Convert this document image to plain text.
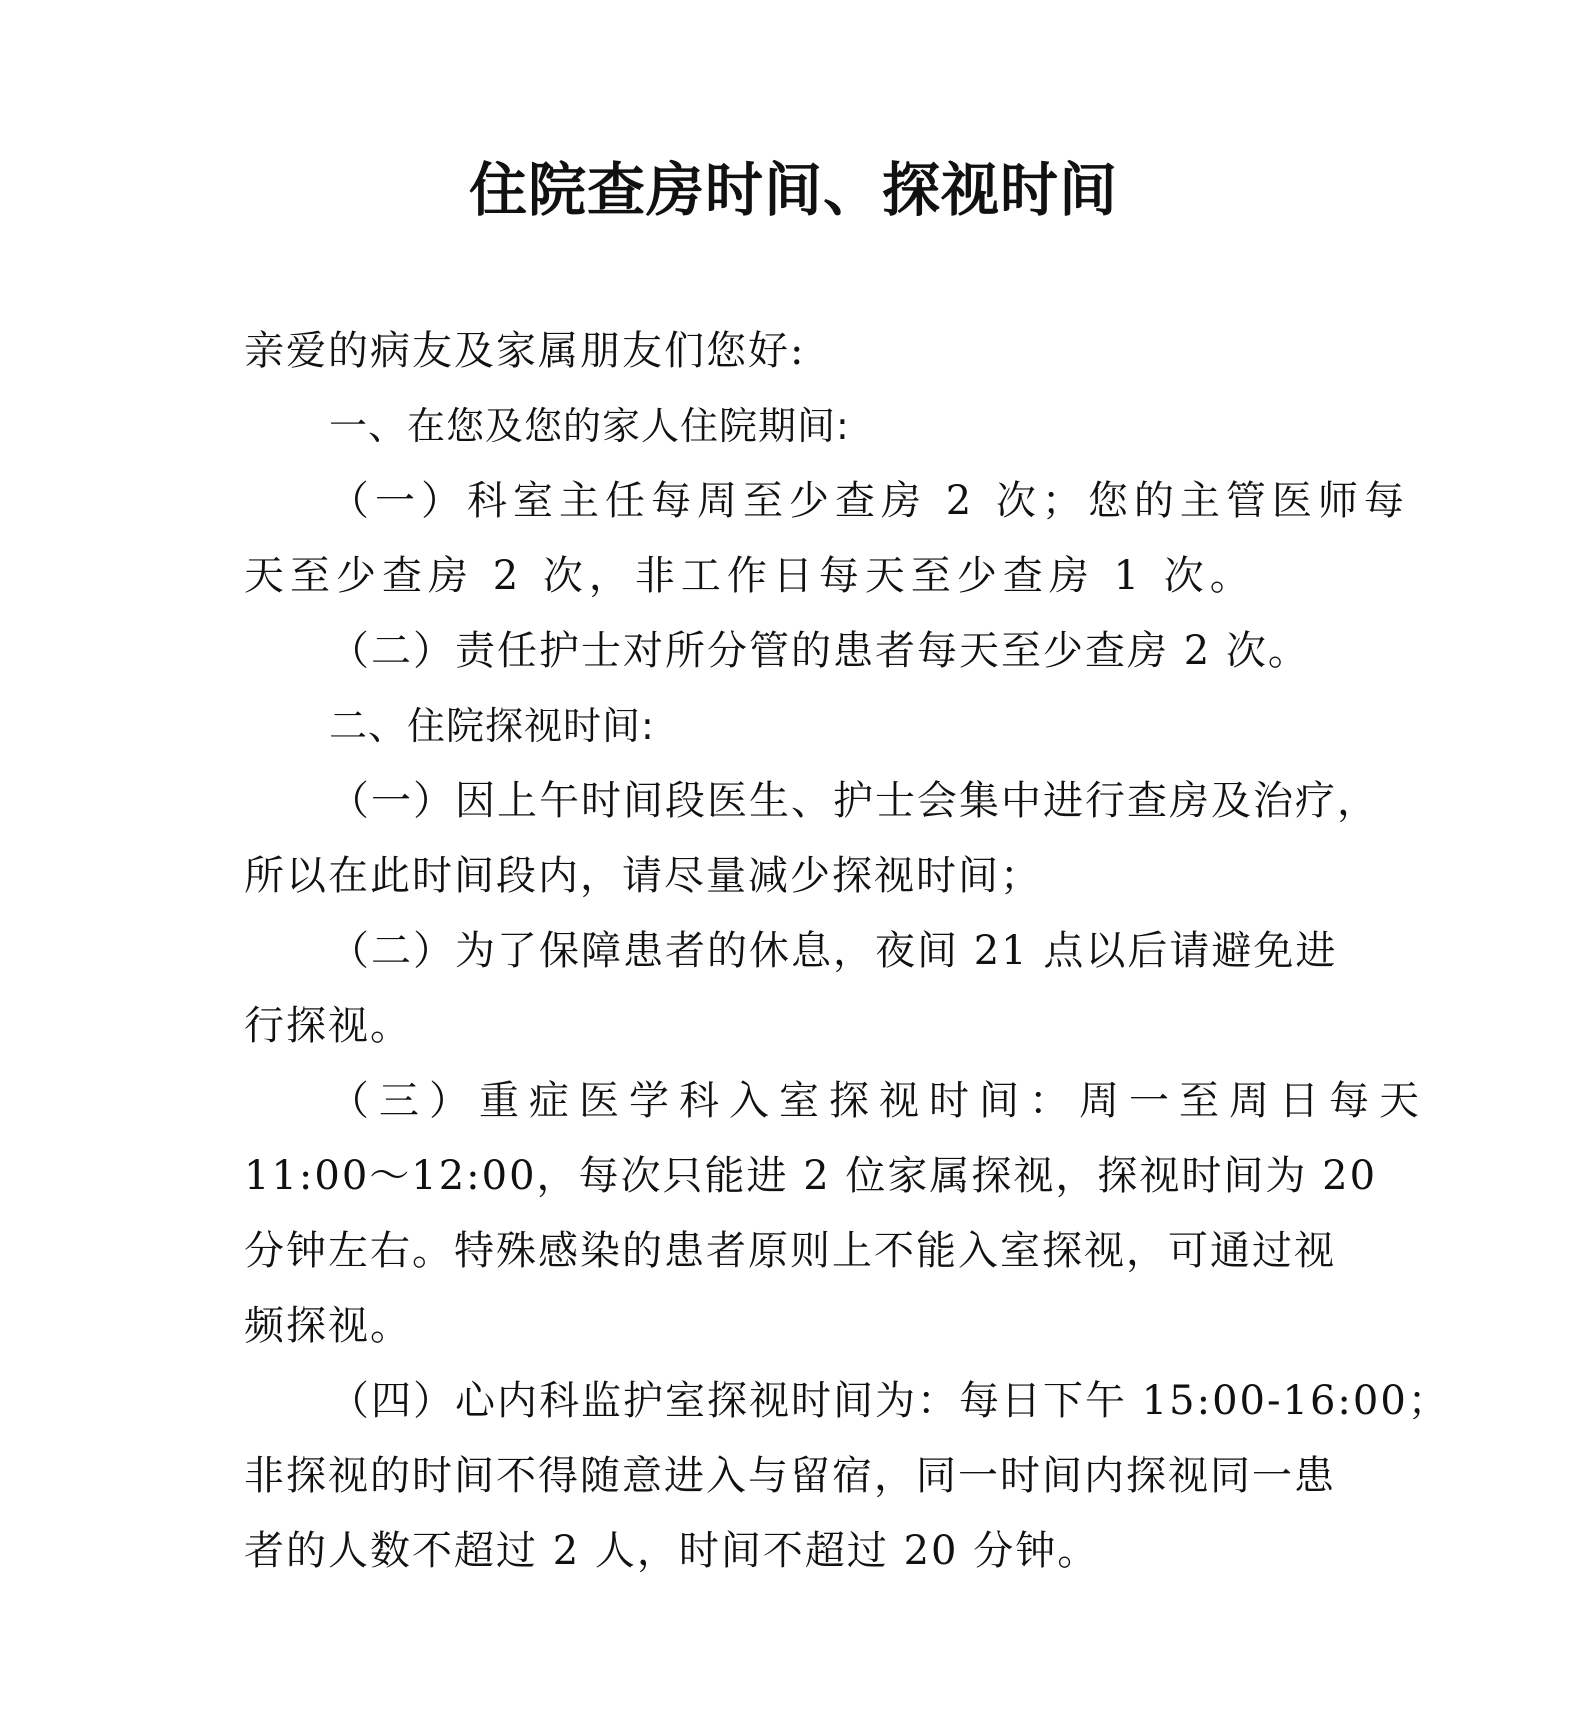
住院查房时间、探视时间
亲爱的病友及家属朋友们您好:
一、在您及您的家人住院期间:
（一）科室主任每周至少查房 2 次；您的主管医师每
天至少查房 2 次，非工作日每天至少查房 1 次。
（二）责任护士对所分管的患者每天至少查房 2 次。
二、住院探视时间:
（一）因上午时间段医生、护士会集中进行查房及治疗，
所以在此时间段内，请尽量减少探视时间；
（二）为了保障患者的休息，夜间 21 点以后请避免进
行探视。
（三）重症医学科入室探视时间：周一至周日每天
11:00～12:00，每次只能进 2 位家属探视，探视时间为 20
分钟左右。特殊感染的患者原则上不能入室探视，可通过视
频探视。
（四）心内科监护室探视时间为：每日下午 15:00-16:00；
非探视的时间不得随意进入与留宿，同一时间内探视同一患
者的人数不超过 2 人，时间不超过 20 分钟。
